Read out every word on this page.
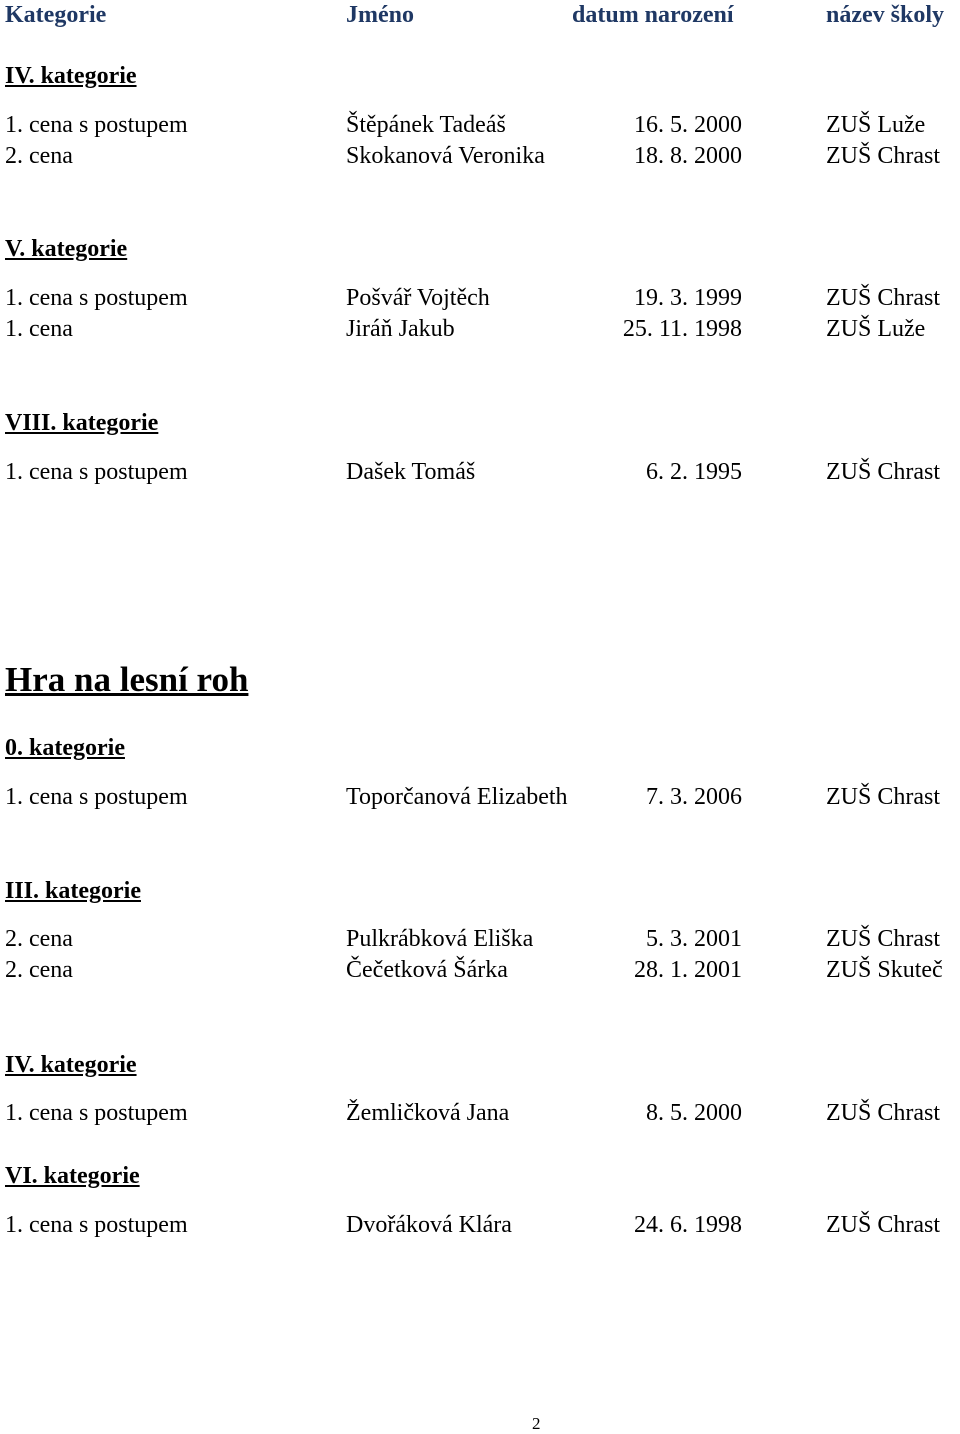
Kategorie	Jméno	datum narození	název školy
IV. kategorie
1. cena s postupem	Štěpánek Tadeáš	16. 5. 2000	ZUŠ Luže
2. cena	Skokanová Veronika	18. 8. 2000	ZUŠ Chrast
V. kategorie
1. cena s postupem	Pošvář Vojtěch	19. 3. 1999	ZUŠ Chrast
1. cena	Jiráň Jakub	25. 11. 1998	ZUŠ Luže
VIII. kategorie
1. cena s postupem	Dašek Tomáš	6. 2. 1995	ZUŠ Chrast
Hra na lesní roh
0. kategorie
1. cena s postupem	Toporčanová Elizabeth	7. 3. 2006	ZUŠ Chrast
III. kategorie
2. cena	Pulkrábková Eliška	5. 3. 2001	ZUŠ Chrast
2. cena	Čečetková Šárka	28. 1. 2001	ZUŠ Skuteč
IV. kategorie
1. cena s postupem	Žemličková Jana	8. 5. 2000	ZUŠ Chrast
VI. kategorie
1. cena s postupem	Dvořáková Klára	24. 6. 1998	ZUŠ Chrast
2
